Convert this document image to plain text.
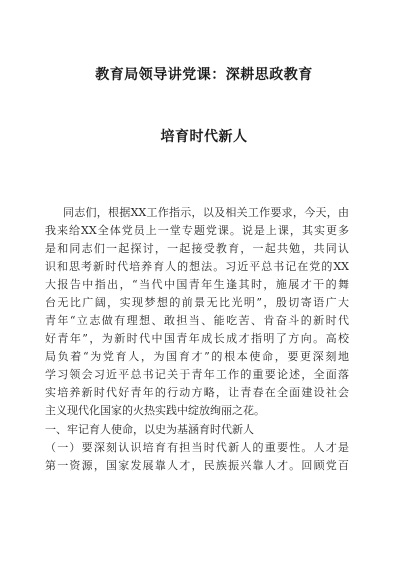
教育局领导讲党课：深耕思政教育
培育时代新人
同志们，根据XX工作指示，以及相关工作要求，今天，由
我来给XX全体党员上一堂专题党课。说是上课，其实更多
是和同志们一起探讨，一起接受教育，一起共勉，共同认
识和思考新时代培养育人的想法。习近平总书记在党的XX
大报告中指出，“当代中国青年生逢其时，施展才干的舞
台无比广阔，实现梦想的前景无比光明”，殷切寄语广大
青年“立志做有理想、敢担当、能吃苦、肯奋斗的新时代
好青年”，为新时代中国青年成长成才指明了方向。高校
局负着“为党育人，为国育才”的根本使命，要更深刻地
学习领会习近平总书记关于青年工作的重要论述，全面落
实培养新时代好青年的行动方略，让青春在全面建设社会
主义现代化国家的火热实践中绽放绚丽之花。
一、牢记育人使命，以史为基涵育时代新人
（一）要深刻认识培育有担当时代新人的重要性。人才是
第一资源，国家发展靠人才，民族振兴靠人才。回顾党百
